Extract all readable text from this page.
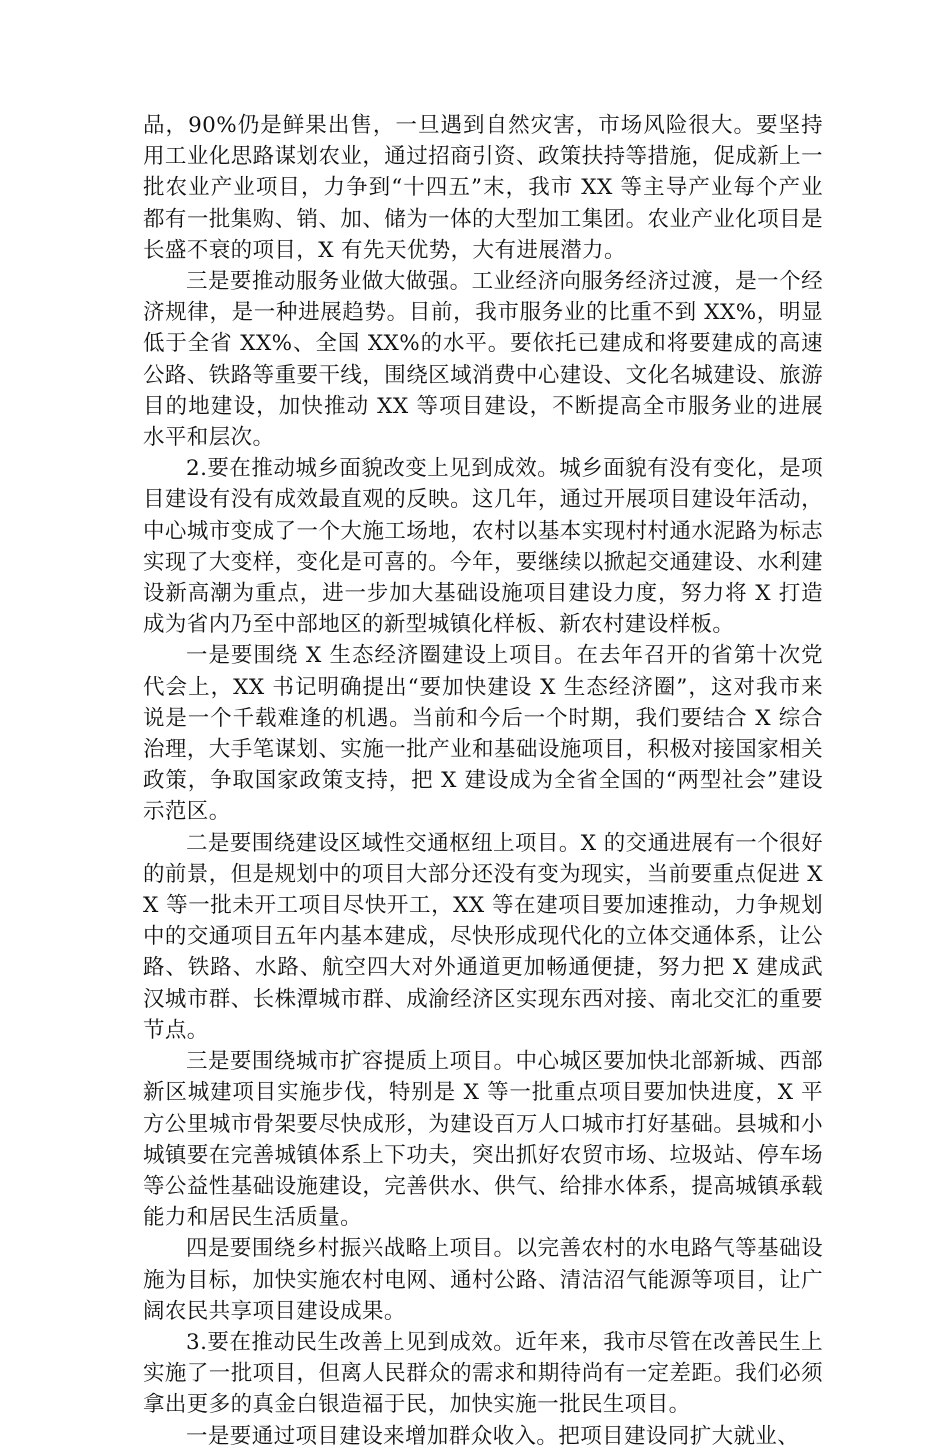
品，90%仍是鲜果出售，一旦遇到自然灾害，市场风险很大。要坚持用工业化思路谋划农业，通过招商引资、政策扶持等措施，促成新上一批农业产业项目，力争到“十四五”末，我市 XX 等主导产业每个产业都有一批集购、销、加、储为一体的大型加工集团。农业产业化项目是长盛不衰的项目，X 有先天优势，大有进展潜力。

三是要推动服务业做大做强。工业经济向服务经济过渡，是一个经济规律，是一种进展趋势。目前，我市服务业的比重不到 XX%，明显低于全省 XX%、全国 XX%的水平。要依托已建成和将要建成的高速公路、铁路等重要干线，围绕区域消费中心建设、文化名城建设、旅游目的地建设，加快推动 XX 等项目建设，不断提高全市服务业的进展水平和层次。

2.要在推动城乡面貌改变上见到成效。城乡面貌有没有变化，是项目建设有没有成效最直观的反映。这几年，通过开展项目建设年活动，中心城市变成了一个大施工场地，农村以基本实现村村通水泥路为标志实现了大变样，变化是可喜的。今年，要继续以掀起交通建设、水利建设新高潮为重点，进一步加大基础设施项目建设力度，努力将 X 打造成为省内乃至中部地区的新型城镇化样板、新农村建设样板。

一是要围绕 X 生态经济圈建设上项目。在去年召开的省第十次党代会上，XX 书记明确提出“要加快建设 X 生态经济圈”，这对我市来说是一个千载难逢的机遇。当前和今后一个时期，我们要结合 X 综合治理，大手笔谋划、实施一批产业和基础设施项目，积极对接国家相关政策，争取国家政策支持，把 X 建设成为全省全国的“两型社会”建设示范区。

二是要围绕建设区域性交通枢纽上项目。X 的交通进展有一个很好的前景，但是规划中的项目大部分还没有变为现实，当前要重点促进 XX 等一批未开工项目尽快开工，XX 等在建项目要加速推动，力争规划中的交通项目五年内基本建成，尽快形成现代化的立体交通体系，让公路、铁路、水路、航空四大对外通道更加畅通便捷，努力把 X 建成武汉城市群、长株潭城市群、成渝经济区实现东西对接、南北交汇的重要节点。

三是要围绕城市扩容提质上项目。中心城区要加快北部新城、西部新区城建项目实施步伐，特别是 X 等一批重点项目要加快进度，X 平方公里城市骨架要尽快成形，为建设百万人口城市打好基础。县城和小城镇要在完善城镇体系上下功夫，突出抓好农贸市场、垃圾站、停车场等公益性基础设施建设，完善供水、供气、给排水体系，提高城镇承载能力和居民生活质量。

四是要围绕乡村振兴战略上项目。以完善农村的水电路气等基础设施为目标，加快实施农村电网、通村公路、清洁沼气能源等项目，让广阔农民共享项目建设成果。

3.要在推动民生改善上见到成效。近年来，我市尽管在改善民生上实施了一批项目，但离人民群众的需求和期待尚有一定差距。我们必须拿出更多的真金白银造福于民，加快实施一批民生项目。

一是要通过项目建设来增加群众收入。把项目建设同扩大就业、
